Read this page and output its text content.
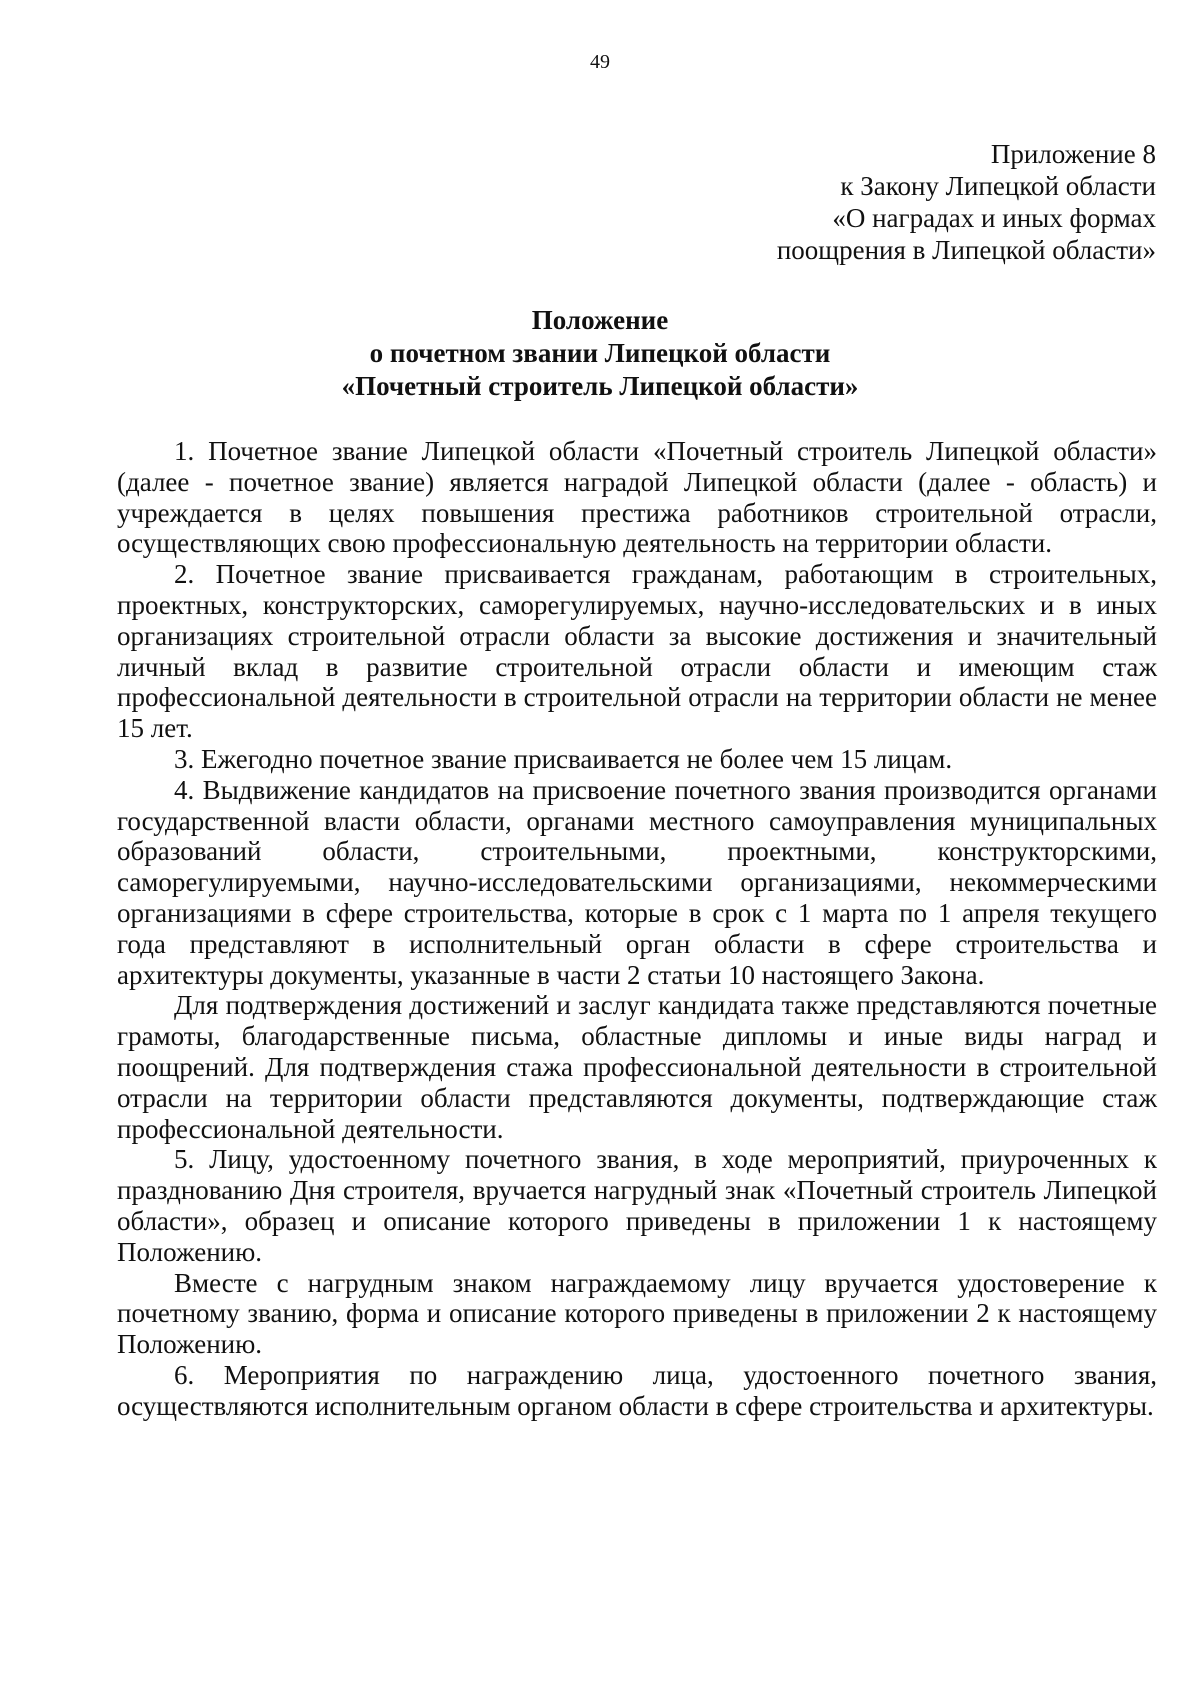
49
Приложение 8
к Закону Липецкой области
«О наградах и иных формах
поощрения в Липецкой области»
Положение
о почетном звании Липецкой области
«Почетный строитель Липецкой области»

1. Почетное звание Липецкой области «Почетный строитель Липецкой области» (далее - почетное звание) является наградой Липецкой области (далее - область) и учреждается в целях повышения престижа работников строительной отрасли, осуществляющих свою профессиональную деятельность на территории области.

2. Почетное звание присваивается гражданам, работающим в строительных, проектных, конструкторских, саморегулируемых, научно-исследовательских и в иных организациях строительной отрасли области за высокие достижения и значительный личный вклад в развитие строительной отрасли области и имеющим стаж профессиональной деятельности в строительной отрасли на территории области не менее 15 лет.

3. Ежегодно почетное звание присваивается не более чем 15 лицам.

4. Выдвижение кандидатов на присвоение почетного звания производится органами государственной власти области, органами местного самоуправления муниципальных образований области, строительными, проектными, конструкторскими, саморегулируемыми, научно-исследовательскими организациями, некоммерческими организациями в сфере строительства, которые в срок с 1 марта по 1 апреля текущего года представляют в исполнительный орган области в сфере строительства и архитектуры документы, указанные в части 2 статьи 10 настоящего Закона.

Для подтверждения достижений и заслуг кандидата также представляются почетные грамоты, благодарственные письма, областные дипломы и иные виды наград и поощрений. Для подтверждения стажа профессиональной деятельности в строительной отрасли на территории области представляются документы, подтверждающие стаж профессиональной деятельности.

5. Лицу, удостоенному почетного звания, в ходе мероприятий, приуроченных к празднованию Дня строителя, вручается нагрудный знак «Почетный строитель Липецкой области», образец и описание которого приведены в приложении 1 к настоящему Положению.

Вместе с нагрудным знаком награждаемому лицу вручается удостоверение к почетному званию, форма и описание которого приведены в приложении 2 к настоящему Положению.

6. Мероприятия по награждению лица, удостоенного почетного звания, осуществляются исполнительным органом области в сфере строительства и архитектуры.
